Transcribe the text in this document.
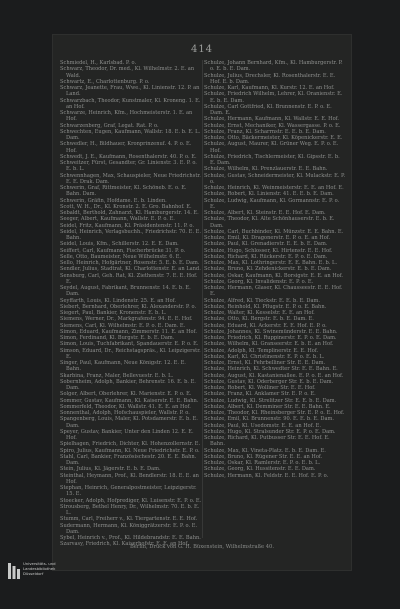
414
Schmiedel, H., Karlsbad. P. o.
Schwarz, Theodor, Dr. med., Kl. Wilhelmstr. 2. E. an Wald.
Schwartz, E., Charlottenburg. P. o.
Schwarz, Jeanette, Frau, Wwe., Kl. Linienstr. 12. P. an Land.
Schwarzbach, Theodor, Kunstmaler, Kl. Kroneng. 1. E. an Hof.
Schwarze, Heinrich, Kfm., Hochmeisterstr. 1. E. an Hof.
Schwarzenberg, Graf, Legat. Rat. P. o.
Schwechten, Eugen, Kaufmann, Wallstr. 18. E. b. E. L. Dam.
Schwedler, H., Bildhauer, Kronprinzenuf. 4. P. o. E. Hof.
Schwedt, J. E., Kaufmann, Rosenthalerstr. 40. P. o. E.
Schweitzer, Fürst, Gesandter, Gr. Linienstr. 3. E. P. o. E. b. L.
Schwennhagen, Max, Schauspieler, Neue Friedrichstr. E. E. Drak. Dam.
Schwerin, Graf, Rittmeister, Kl. Schöneb. E. o. E. Bahn. Dam.
Schwerin, Gräfin, Hofdame. E. b. Linden.
Scott, W. H., Dr., Kl. Kronstr. 2. E. Gro. Bahnhof. E.
Sebaldt, Berthold, Zahnarzt, Kl. Hamburgerstr. 14. E.
Seeger, Albert, Kaufmann, Wallstr. E. P. o. E.
Seidel, Fritz, Kaufmann, Kl. Präsidentenstr. 11. P. o.
Seidel, Heinrich, Verlagsbuchh., Friedrichstr. 70. E. E. Bahn.
Seidel, Louis, Kfm., Schillerstr. 12. E. E. Dam.
Seiffert, Carl, Kaufmann, Fischerbrücke 31. P. o.
Selle, Otto, Baumeister, Neue Wilhelmstr. 6. E.
Sello, Heinrich, Hofgärtner, Rosenstr. 5. E. b. E. Dam.
Sendler, Julius, Stadtrat, Kl. Charlottenstr. E. an Land.
Sensburg, Carl, Geh. Rat, Kl. Ziethenstr. 7. E. E. Hof. E.
Seydel, August, Fabrikant, Brunnenstr. 14. E. b. E. Dam.
Seyffarth, Louis, Kl. Lindenstr. 25. E. an Hof.
Siebert, Bernhard, Oberlehrer, Kl. Alexanderstr. P. o.
Siegert, Paul, Bankier, Kronenstr. E. b. L.
Siemens, Werner, Dr., Markgrafenstr. 94. E. E. Hof.
Siemens, Carl, Kl. Wilhelmstr. E. P. o. E. Dam. E.
Simon, Eduard, Kaufmann, Zimmerstr. 11. E. an Hof.
Simon, Ferdinand, Kl. Burgstr. E. b. E. Dam.
Simon, Louis, Tuchfabrikant, Spandauerstr. E. P. o. E.
Simson, Eduard, Dr., Reichstagspräs., Kl. Leipzigerstr. E.
Singer, Paul, Kaufmann, Neue Königstr. 12. E. E. Bahn.
Skarbina, Franz, Maler, Bellevuestr. E. b. L.
Sobernheim, Adolph, Bankier, Behrenstr. 16. E. b. E. Dam.
Solger, Albert, Oberlehrer, Kl. Marienstr. E. P. o. E.
Sommer, Gustav, Kaufmann, Kl. Kaiserstr. E. E. Bahn.
Sommerfeld, Theodor, Kl. Wallstr. 41. E. E. an Hof.
Sonnenthal, Adolph, Hofschauspieler, Wallstr. P. o.
Spangenberg, Louis, Maler, Kl. Potsdamerstr. E. b. E. Dam.
Speyer, Gustav, Bankier, Unter den Linden 12. E. E. Hof.
Spielhagen, Friedrich, Dichter, Kl. Hohenzollernstr. E.
Spiro, Julius, Kaufmann, Kl. Neue Friedrichstr. E. P. o.
Stahl, Carl, Bankier, Französischestr. 20. E. E. Bahn. Dam.
Stein, Julius, Kl. Jägerstr. E. b. E. Dam.
Steinthal, Heymann, Prof., Kl. Bendlerstr. 18. E. E. an Hof.
Stephan, Heinrich, Generalpostmeister, Leipzigerstr. 15. E.
Stoecker, Adolph, Hofprediger, Kl. Luisenstr. E. P. o. E.
Strousberg, Bethel Henry, Dr., Wilhelmstr. 70. E. b. E. L.
Stumm, Carl, Freiherr v., Kl. Tiergartenstr. E. E. Hof.
Sudermann, Hermann, Kl. Königgrätzerstr. E. P. o. E. Dam.
Sybel, Heinrich v., Prof., Kl. Hildebrandstr. E. E. Bahn.
Szarvasy, Friedrich, Kl. Kaiserhofstr. E. E. an Hof.
Schulze, Johann Bernhard, Kfm., Kl. Hamburgerstr. P. o. E. b. E. Dam.
Schulze, Julius, Drechsler, Kl. Rosenthalerstr. E. E. Hof. E. b. Dam.
Schulze, Karl, Kaufmann, Kl. Kurstr. 12. E. an Hof.
Schulze, Friedrich Wilhelm, Lehrer, Kl. Oranienstr. E. E. b. E. Dam.
Schulze, Carl Gottfried, Kl. Brunnenstr. E. P. o. E. Dam. E.
Schulze, Hermann, Kaufmann, Kl. Wallstr. E. E. Hof.
Schulze, Ernst, Mechaniker, Kl. Wassergasse. P. o. E.
Schulze, Franz, Kl. Scharrnstr. E. E. b. E. Dam.
Schulze, Otto, Bäckermeister, Kl. Köpenickerstr. E. E.
Schulze, August, Maurer, Kl. Grüner Weg. E. P. o. E. Hof.
Schulze, Friedrich, Tischlermeister, Kl. Gipsstr. E. b. E. Dam.
Schulze, Wilhelm, Kl. Prenzlauerstr. E. E. Bahn.
Schulze, Gustav, Schneidermeister, Kl. Mulackstr. E. P. o.
Schulze, Heinrich, Kl. Weinmeisterstr. E. E. an Hof. E.
Schulze, Robert, Kl. Linienstr. 41. E. E. b. E. Dam.
Schulze, Ludwig, Kaufmann, Kl. Gormannstr. E. P. o. E.
Schulze, Albert, Kl. Steinstr. E. E. Hof. E. Dam.
Schulze, Theodor, Kl. Alte Schönhauserstr. E. b. E. Dam.
Schulze, Carl, Buchbinder, Kl. Münzstr. E. E. Bahn. E.
Schulze, Emil, Kl. Dragonerstr. E. P. o. E. an Hof.
Schulze, Paul, Kl. Grenadierstr. E. E. b. E. Dam.
Schulze, Hugo, Schlosser, Kl. Hirtenstr. E. E. Hof.
Schulze, Richard, Kl. Rückerstr. E. P. o. E. Dam.
Schulze, Max, Kl. Lothringerstr. E. E. Bahn. E. b. L.
Schulze, Bruno, Kl. Zehdenickerstr. E. b. E. Dam.
Schulze, Oskar, Kaufmann, Kl. Borsigstr. E. E. an Hof.
Schulze, Georg, Kl. Invalidenstr. E. P. o. E.
Schulze, Hermann, Glaser, Kl. Chausseestr. E. E. Hof. E.
Schulze, Alfred, Kl. Tieckstr. E. E. b. E. Dam.
Schulze, Reinhold, Kl. Pflugstr. E. P. o. E. Bahn.
Schulze, Walter, Kl. Kesselstr. E. E. an Hof.
Schulze, Otto, Kl. Bergstr. E. b. E. Dam. E.
Schulze, Eduard, Kl. Ackerstr. E. E. Hof. E. P. o.
Schulze, Johannes, Kl. Swinemünderstr. E. E. Bahn.
Schulze, Friedrich, Kl. Ruppinerstr. E. P. o. E. Dam.
Schulze, Wilhelm, Kl. Granseerstr. E. b. E. an Hof.
Schulze, Adolph, Kl. Templinerstr. E. E. Hof.
Schulze, Karl, Kl. Christinenstr. E. P. o. E. b. L.
Schulze, Ernst, Kl. Fehrbelliner Str. E. E. Dam.
Schulze, Heinrich, Kl. Schwedter Str. E. E. Bahn. E.
Schulze, August, Kl. Kastanienallee. E. P. o. E. an Hof.
Schulze, Gustav, Kl. Oderberger Str. E. b. E. Dam.
Schulze, Robert, Kl. Wolliner Str. E. E. Hof.
Schulze, Franz, Kl. Anklamer Str. E. P. o. E.
Schulze, Ludwig, Kl. Strelitzer Str. E. E. b. E. Dam.
Schulze, Albert, Kl. Demminer Str. E. E. Bahn. E.
Schulze, Theodor, Kl. Rheinsberger Str. E. P. o. E. Hof.
Schulze, Emil, Kl. Brunnenstr. 90. E. E. b. E. Dam.
Schulze, Paul, Kl. Usedomstr. E. E. an Hof. E.
Schulze, Hugo, Kl. Stralsunder Str. E. P. o. E. Dam.
Schulze, Richard, Kl. Putbusser Str. E. E. Hof. E. Bahn.
Schulze, Max, Kl. Vineta-Platz. E. b. E. Dam. E.
Schulze, Bruno, Kl. Rügener Str. E. E. an Hof.
Schulze, Oskar, Kl. Ramlerstr. E. P. o. E. b. L.
Schulze, Georg, Kl. Hussitenstr. E. E. Dam.
Schulze, Hermann, Kl. Feldstr. E. E. Hof. E. P. o.
Berlin, Druck von G. H. Büxenstein, Wilhelmstraße 40.
Universitäts- und
Landesbibliothek
Düsseldorf
